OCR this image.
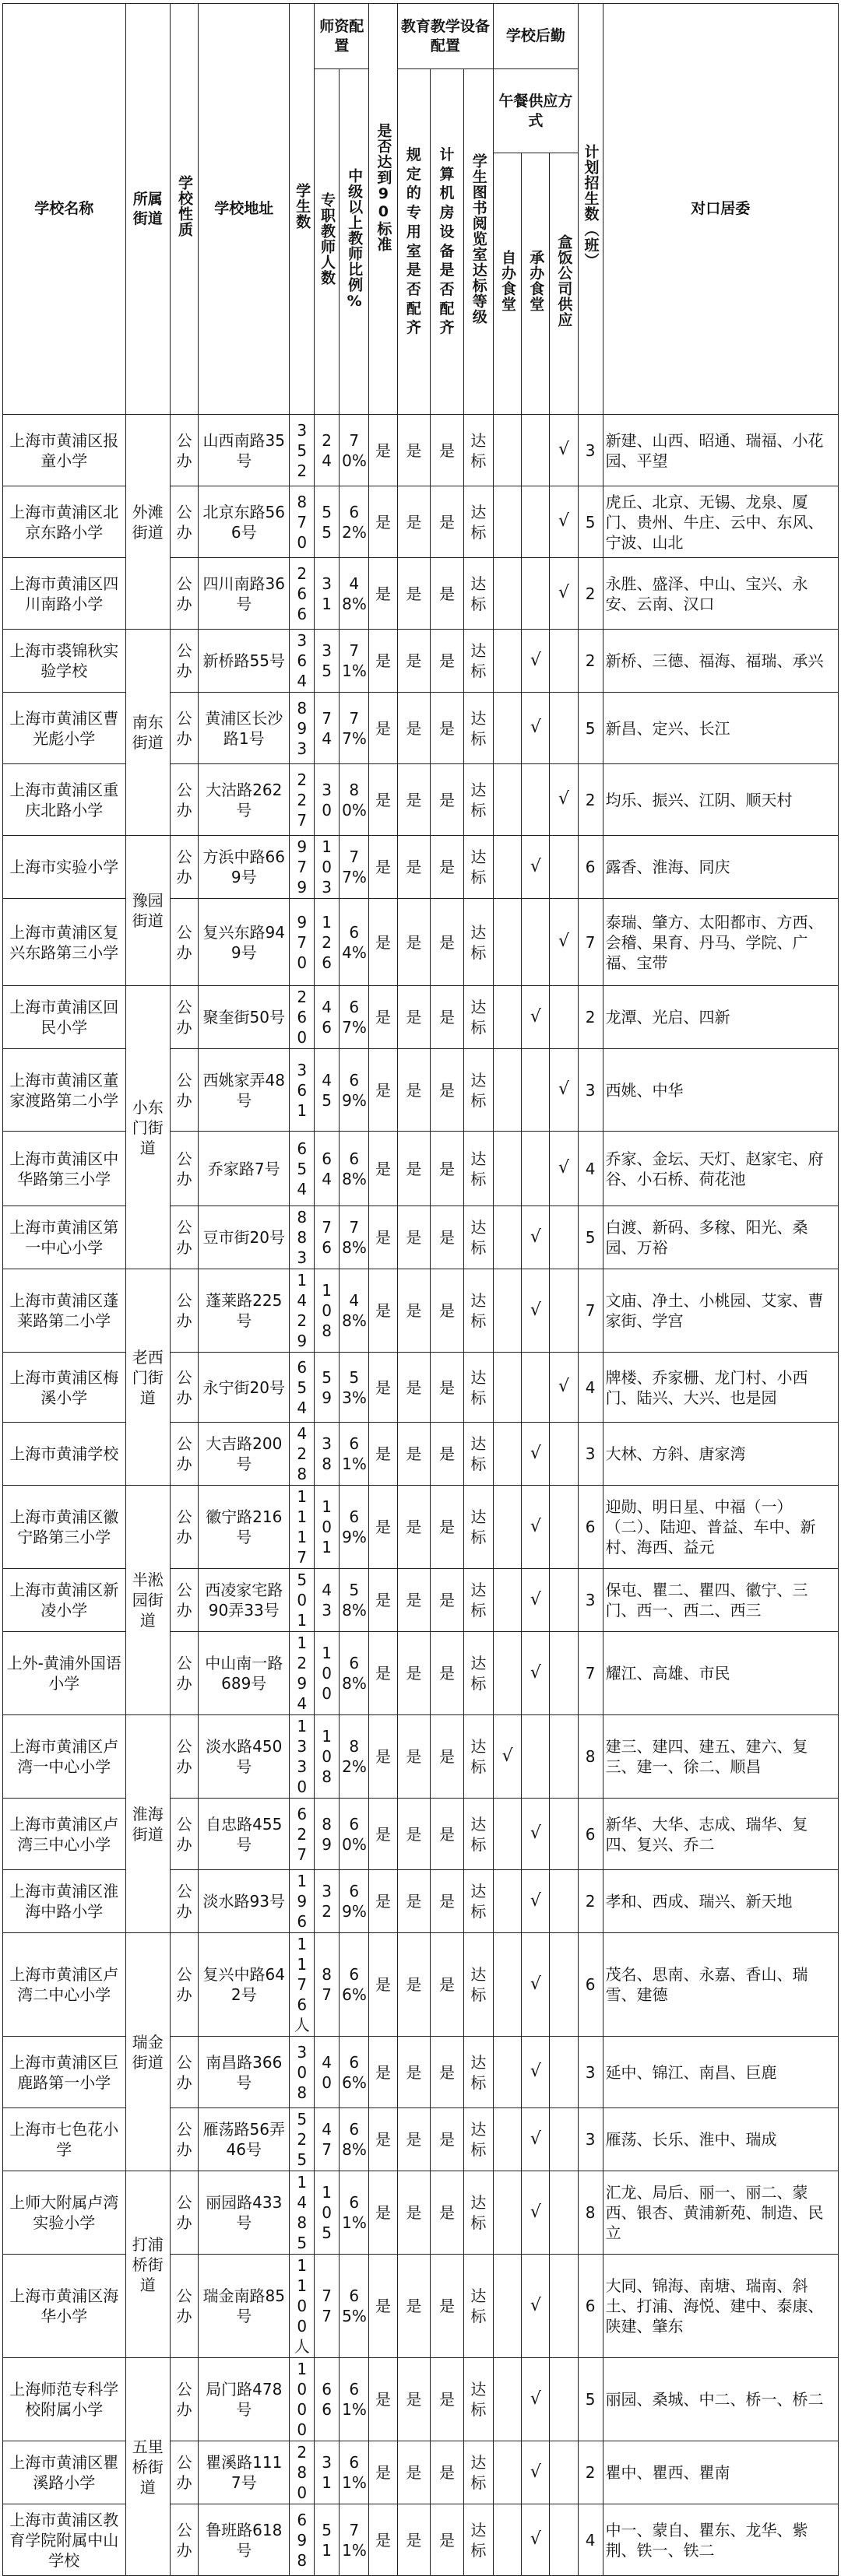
学校名称	所属街道	学校性质	学校地址	学生数	师资配置		是否达到90标准	教育教学设备配置			学校后勤			计划招生数（班）	对口居委
					专职教师人数	中级以上教师比例%		规定的专用室是否配齐	计算机房设备是否配齐	学生图书阅览室达标等级	午餐供应方式				
											自办食堂	承办食堂	盒饭公司供应		
上海市黄浦区报童小学	外滩街道	公办	山西南路35号	352	24	70%	是	是	是	达标			√	3	新建、山西、昭通、瑞福、小花园、平望
上海市黄浦区北京东路小学		公办	北京东路566号	870	55	62%	是	是	是	达标			√	5	虎丘、北京、无锡、龙泉、厦门、贵州、牛庄、云中、东风、宁波、山北
上海市黄浦区四川南路小学		公办	四川南路36号	266	31	48%	是	是	是	达标			√	2	永胜、盛泽、中山、宝兴、永安、云南、汉口
上海市裘锦秋实验学校	南东街道	公办	新桥路55号	364	35	71%	是	是	是	达标		√		2	新桥、三德、福海、福瑞、承兴
上海市黄浦区曹光彪小学		公办	黄浦区长沙路1号	893	74	77%	是	是	是	达标		√		5	新昌、定兴、长江
上海市黄浦区重庆北路小学		公办	大沽路262号	227	30	80%	是	是	是	达标			√	2	均乐、振兴、江阴、顺天村
上海市实验小学	豫园街道	公办	方浜中路669号	979	103	77%	是	是	是	达标		√		6	露香、淮海、同庆
上海市黄浦区复兴东路第三小学		公办	复兴东路949号	970	126	64%	是	是	是	达标			√	7	泰瑞、肇方、太阳都市、方西、会稽、果育、丹马、学院、广福、宝带
上海市黄浦区回民小学	小东门街道	公办	聚奎街50号	260	46	67%	是	是	是	达标		√		2	龙潭、光启、四新
上海市黄浦区董家渡路第二小学		公办	西姚家弄48号	361	45	69%	是	是	是	达标			√	3	西姚、中华
上海市黄浦区中华路第三小学		公办	乔家路7号	654	64	68%	是	是	是	达标			√	4	乔家、金坛、天灯、赵家宅、府谷、小石桥、荷花池
上海市黄浦区第一中心小学		公办	豆市街20号	883	76	78%	是	是	是	达标		√		5	白渡、新码、多稼、阳光、桑园、万裕
上海市黄浦区蓬莱路第二小学	老西门街道	公办	蓬莱路225号	1429	108	48%	是	是	是	达标		√		7	文庙、净土、小桃园、艾家、曹家街、学宫
上海市黄浦区梅溪小学		公办	永宁街20号	654	59	53%	是	是	是	达标			√	4	牌楼、乔家栅、龙门村、小西门、陆兴、大兴、也是园
上海市黄浦学校		公办	大吉路200号	428	38	61%	是	是	是	达标		√		3	大林、方斜、唐家湾
上海市黄浦区徽宁路第三小学	半淞园街道	公办	徽宁路216号	1117	101	69%	是	是	是	达标		√		6	迎勋、明日星、中福（一）（二）、陆迎、普益、车中、新村、海西、益元
上海市黄浦区新凌小学		公办	西凌家宅路90弄33号	501	43	58%	是	是	是	达标		√		3	保屯、瞿二、瞿四、徽宁、三门、西一、西二、西三
上外-黄浦外国语小学		公办	中山南一路689号	1294	100	68%	是	是	是	达标		√		7	耀江、高雄、市民
上海市黄浦区卢湾一中心小学	淮海街道	公办	淡水路450号	1330	108	82%	是	是	是	达标	√			8	建三、建四、建五、建六、复三、建一、徐二、顺昌
上海市黄浦区卢湾三中心小学		公办	自忠路455号	627	89	60%	是	是	是	达标		√		6	新华、大华、志成、瑞华、复四、复兴、乔二
上海市黄浦区淮海中路小学		公办	淡水路93号	196	32	69%	是	是	是	达标		√		2	孝和、西成、瑞兴、新天地
上海市黄浦区卢湾二中心小学	瑞金街道	公办	复兴中路642号	1176人	87	66%	是	是	是	达标		√		6	茂名、思南、永嘉、香山、瑞雪、建德
上海市黄浦区巨鹿路第一小学		公办	南昌路366号	308	40	66%	是	是	是	达标		√		3	延中、锦江、南昌、巨鹿
上海市七色花小学		公办	雁荡路56弄46号	525	47	68%	是	是	是	达标		√		3	雁荡、长乐、淮中、瑞成
上师大附属卢湾实验小学	打浦桥街道	公办	丽园路433号	1485	105	61%	是	是	是	达标		√		8	汇龙、局后、丽一、丽二、蒙西、银杏、黄浦新苑、制造、民立
上海市黄浦区海华小学		公办	瑞金南路85号	1100人	77	65%	是	是	是	达标		√		6	大同、锦海、南塘、瑞南、斜土、打浦、海悦、建中、泰康、陕建、肇东
上海师范专科学校附属小学	五里桥街道	公办	局门路478号	1000	66	61%	是	是	是	达标		√		5	丽园、桑城、中二、桥一、桥二
上海市黄浦区瞿溪路小学		公办	瞿溪路1117号	280	31	61%	是	是	是	达标		√		2	瞿中、瞿西、瞿南
上海市黄浦区教育学院附属中山学校		公办	鲁班路618号	698	51	71%	是	是	是	达标		√		4	中一、蒙自、瞿东、龙华、紫荆、铁一、铁二
